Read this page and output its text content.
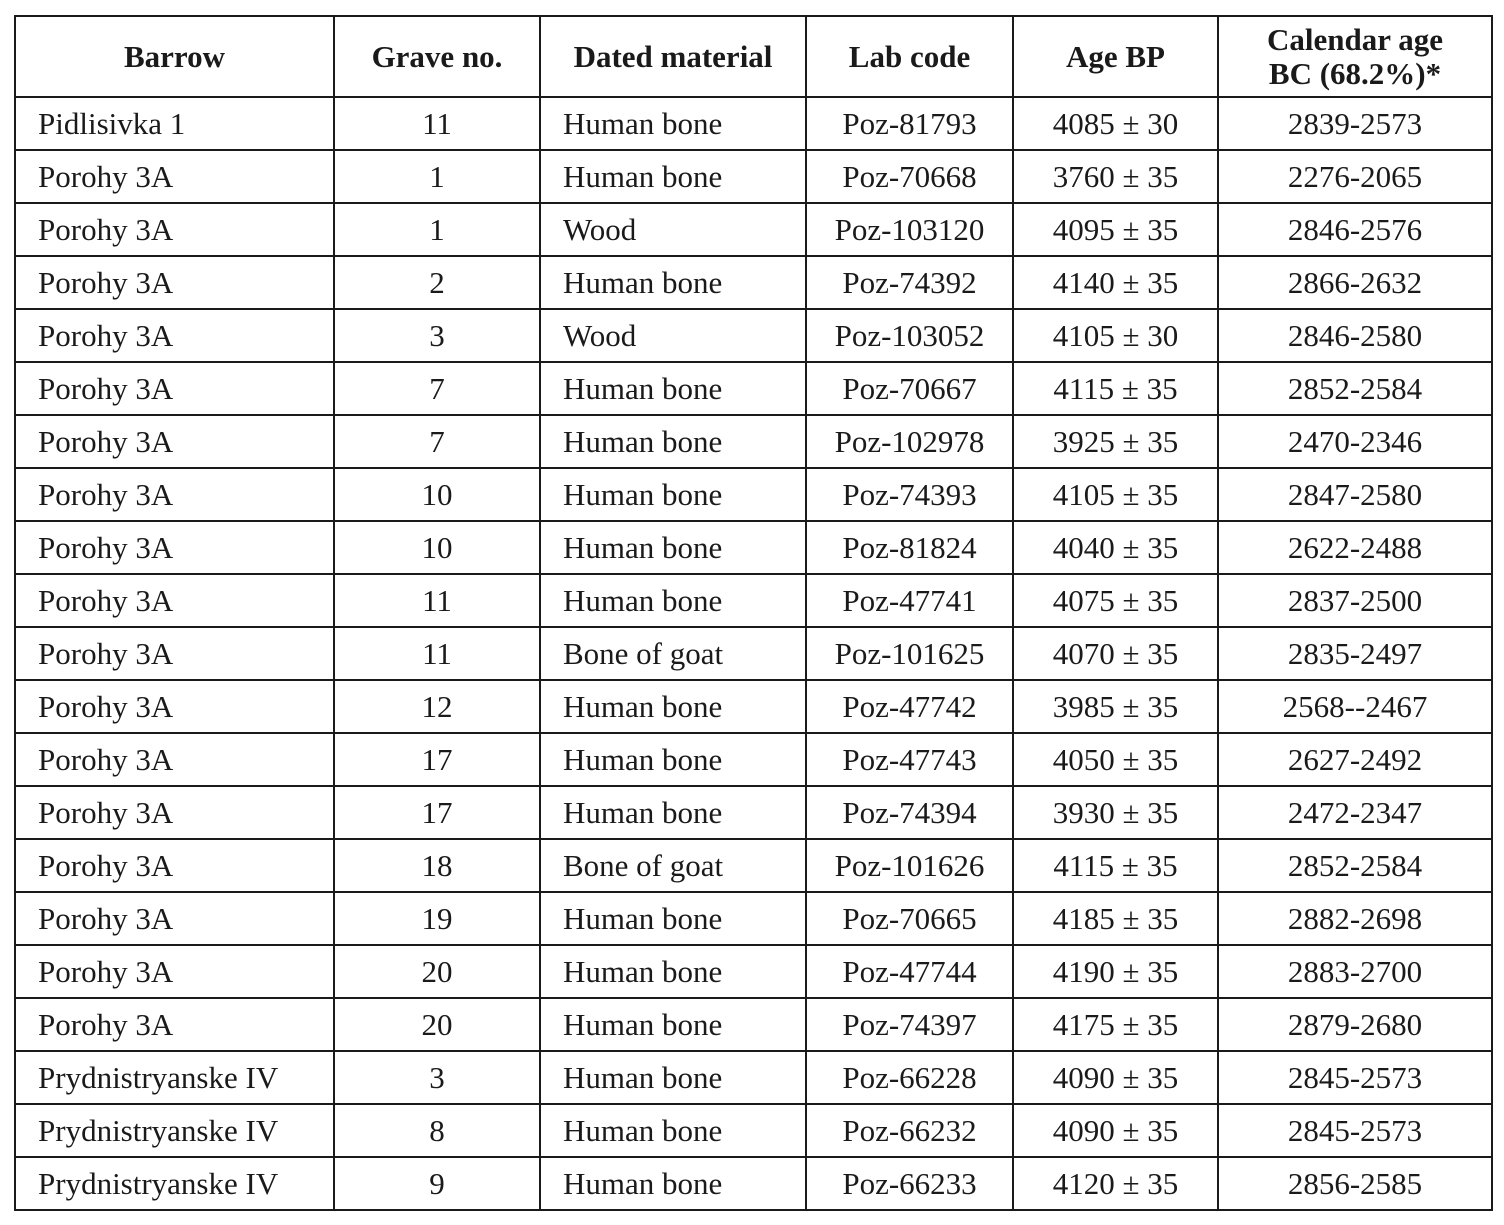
Barrow	Grave no.	Dated material	Lab code	Age BP	Calendar age
BC (68.2%)*

Pidlisivka 1	11	Human bone	Poz-81793	4085 ± 30	2839-2573
Porohy 3A	1	Human bone	Poz-70668	3760 ± 35	2276-2065
Porohy 3A	1	Wood	Poz-103120	4095 ± 35	2846-2576
Porohy 3A	2	Human bone	Poz-74392	4140 ± 35	2866-2632
Porohy 3A	3	Wood	Poz-103052	4105 ± 30	2846-2580
Porohy 3A	7	Human bone	Poz-70667	4115 ± 35	2852-2584
Porohy 3A	7	Human bone	Poz-102978	3925 ± 35	2470-2346
Porohy 3A	10	Human bone	Poz-74393	4105 ± 35	2847-2580
Porohy 3A	10	Human bone	Poz-81824	4040 ± 35	2622-2488
Porohy 3A	11	Human bone	Poz-47741	4075 ± 35	2837-2500
Porohy 3A	11	Bone of goat	Poz-101625	4070 ± 35	2835-2497
Porohy 3A	12	Human bone	Poz-47742	3985 ± 35	2568--2467
Porohy 3A	17	Human bone	Poz-47743	4050 ± 35	2627-2492
Porohy 3A	17	Human bone	Poz-74394	3930 ± 35	2472-2347
Porohy 3A	18	Bone of goat	Poz-101626	4115 ± 35	2852-2584
Porohy 3A	19	Human bone	Poz-70665	4185 ± 35	2882-2698
Porohy 3A	20	Human bone	Poz-47744	4190 ± 35	2883-2700
Porohy 3A	20	Human bone	Poz-74397	4175 ± 35	2879-2680
Prydnistryanske IV	3	Human bone	Poz-66228	4090 ± 35	2845-2573
Prydnistryanske IV	8	Human bone	Poz-66232	4090 ± 35	2845-2573
Prydnistryanske IV	9	Human bone	Poz-66233	4120 ± 35	2856-2585
